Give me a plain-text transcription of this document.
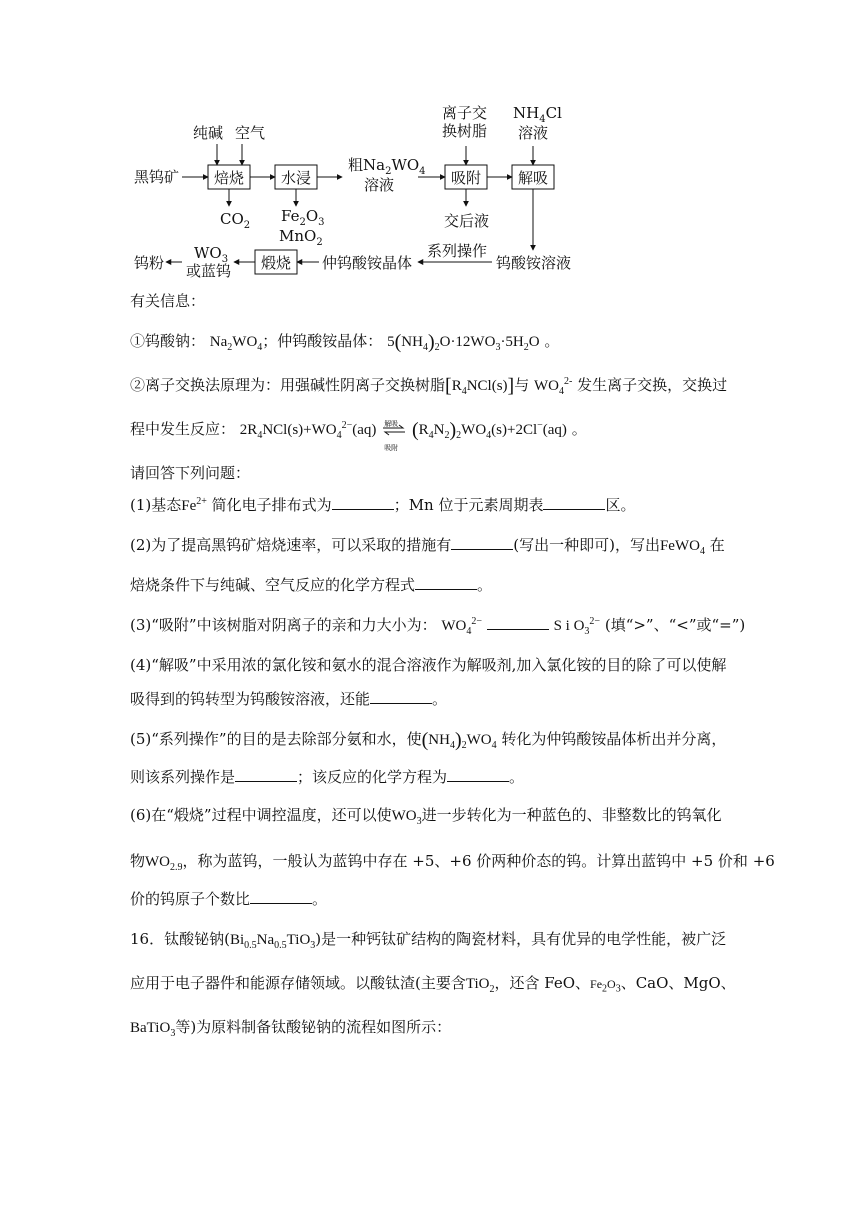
黑钨矿
纯碱 空气
焙烧 水浸
$CO_2$
$Fe_2O_3$
MnO$_2$
粗$Na_2WO_4$
溶液
离子交
换树脂
$NH_4Cl$
溶液
吸附 解吸
交后液
系列操作
钨酸铵溶液
仲钨酸铵晶体
煅烧
$WO_3$
或蓝钨
钨粉
有关信息：
①钨酸钠： $Na_2WO_4$；仲钨酸铵晶体： $5(NH_4)_2O\cdot 12WO_3\cdot 5H_2O$ 。
②离子交换法原理为：用强碱性阴离子交换树脂$[R_4NCl(s)]$与 $WO_4^{2-}$ 发生离子交换，交换过
程中发生反应： $2R_4NCl(s)+WO_4^{2-}(aq)$ 解吸
吸附
$(R_4N_2)_2WO_4(s)+2Cl^-(aq)$ 。
请回答下列问题：
(1)基态$Fe^{2+}$ 简化电子排布式为	；Mn 位于元素周期表	区。
(2)为了提高黑钨矿焙烧速率，可以采取的措施有	(写出一种即可)，写出FeWO$_4$ 在
焙烧条件下与纯碱、空气反应的化学方程式	。
(3)“吸附”中该树脂对阴离子的亲和力大小为： $WO_4^{2-}$	S i $O_3^{2-}$ (填“>”、“<”或“=”)
(4)“解吸”中采用浓的氯化铵和氨水的混合溶液作为解吸剂,加入氯化铵的目的除了可以使解
吸得到的钨转型为钨酸铵溶液，还能	。
(5)“系列操作”的目的是去除部分氨和水，使$(NH_4)_2WO_4$ 转化为仲钨酸铵晶体析出并分离，
则该系列操作是	；该反应的化学方程为	。
(6)在“煅烧”过程中调控温度，还可以使$WO_3$进一步转化为一种蓝色的、非整数比的钨氧化
物$WO_{2.9}$，称为蓝钨，一般认为蓝钨中存在 +5、+6 价两种价态的钨。计算出蓝钨中 +5 价和 +6
价的钨原子个数比	。
16．钛酸铋钠$(Bi_{0.5}Na_{0.5}TiO_3)$是一种钙钛矿结构的陶瓷材料，具有优异的电学性能，被广泛
应用于电子器件和能源存储领域。以酸钛渣(主要含TiO$_2$，还含 FeO、$Fe_2O_3$、CaO、MgO、
BaTiO$_3$等)为原料制备钛酸铋钠的流程如图所示：
